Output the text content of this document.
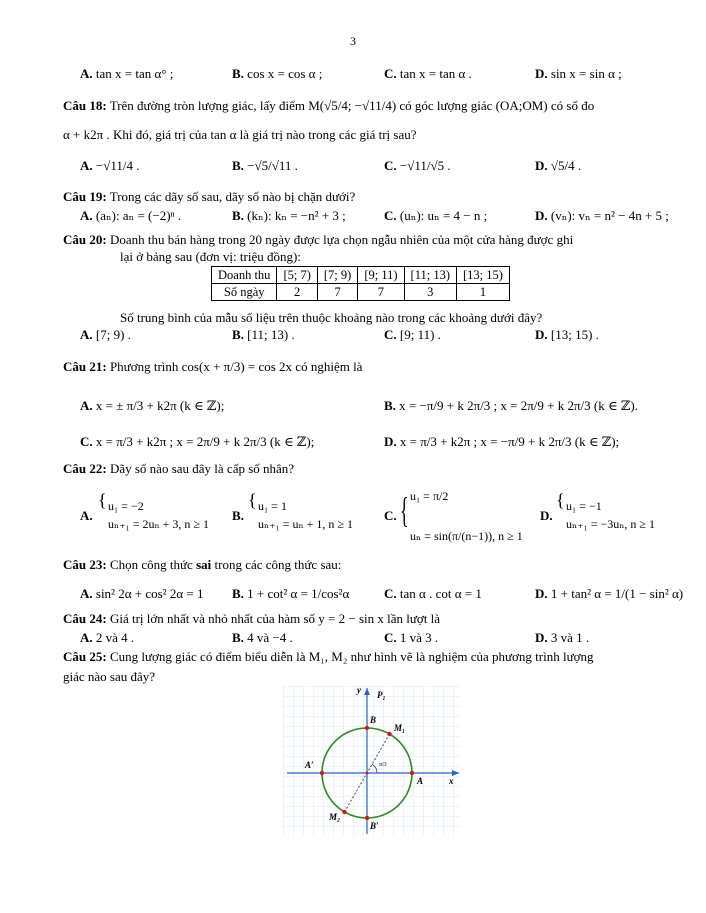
3
A. tan x = tan α° ;	B. cos x = cos α ;	C. tan x = tan α .	D. sin x = sin α ;
Câu 18: Trên đường tròn lượng giác, lấy điểm M(√5/4; −√11/4) có góc lượng giác (OA;OM) có số đo
α + k2π . Khi đó, giá trị của tan α là giá trị nào trong các giá trị sau?
A. −√11/4 .	B. −√5/√11 .	C. −√11/√5 .	D. √5/4 .
Câu 19: Trong các dãy số sau, dãy số nào bị chặn dưới?
A. (aₙ): aₙ = (−2)ⁿ .	B. (kₙ): kₙ = −n² + 3 ;	C. (uₙ): uₙ = 4 − n ;	D. (vₙ): vₙ = n² − 4n + 5 ;
Câu 20: Doanh thu bán hàng trong 20 ngày được lựa chọn ngẫu nhiên của một cửa hàng được ghi
lại ở bảng sau (đơn vị: triệu đồng):
Doanh thu	[5; 7)	[7; 9)	[9; 11)	[11; 13)	[13; 15)
Số ngày	2	7	7	3	1
Số trung bình của mẫu số liệu trên thuộc khoảng nào trong các khoảng dưới đây?
A. [7; 9) .	B. [11; 13) .	C. [9; 11) .	D. [13; 15) .
Câu 21: Phương trình cos(x + π/3) = cos 2x có nghiệm là
A. x = ± π/3 + k2π (k ∈ ℤ);	B. x = −π/9 + k 2π/3 ; x = 2π/9 + k 2π/3 (k ∈ ℤ).
C. x = π/3 + k2π ; x = 2π/9 + k 2π/3 (k ∈ ℤ);	D. x = π/3 + k2π ; x = −π/9 + k 2π/3 (k ∈ ℤ);
Câu 22: Dãy số nào sau đây là cấp số nhân?
A.
{ u₁ = −2
uₙ₊₁ = 2uₙ + 3, n ≥ 1
B.
{ u₁ = 1
uₙ₊₁ = uₙ + 1, n ≥ 1
C. { u₁ = π/2
uₙ = sin(π/(n−1)), n ≥ 1
D.
{ u₁ = −1
uₙ₊₁ = −3uₙ, n ≥ 1
Câu 23: Chọn công thức sai trong các công thức sau:
A. sin² 2α + cos² 2α = 1 B. 1 + cot² α = 1/cos²α	C. tan α . cot α = 1	D. 1 + tan² α = 1/(1 − sin² α)
Câu 24: Giá trị lớn nhất và nhỏ nhất của hàm số y = 2 − sin x lần lượt là
A. 2 và 4 .	B. 4 và −4 .	C. 1 và 3 .	D. 3 và 1 .
Câu 25: Cung lượng giác có điểm biểu diễn là M₁, M₂ như hình vẽ là nghiệm của phương trình lượng
giác nào sau đây?
y P₁
B
M₁
A′
A	x
M₂
B′
π/3
